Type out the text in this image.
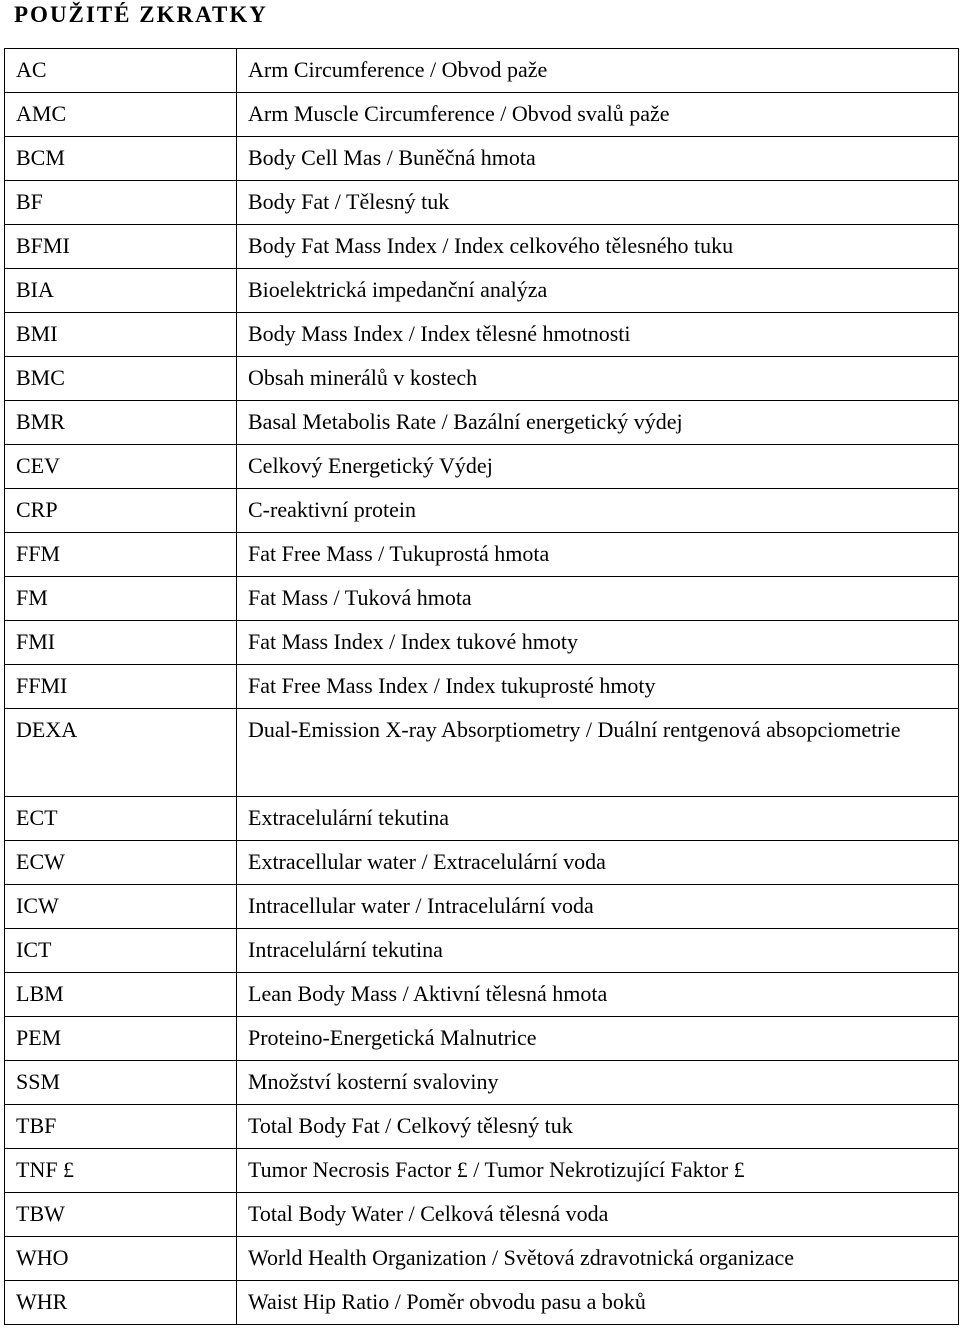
POUŽITÉ ZKRATKY
AC	Arm Circumference / Obvod paže
AMC	Arm Muscle Circumference / Obvod svalů paže
BCM	Body Cell Mas / Buněčná hmota
BF	Body Fat / Tělesný tuk
BFMI	Body Fat Mass Index / Index celkového tělesného tuku
BIA	Bioelektrická impedanční analýza
BMI	Body Mass Index / Index tělesné hmotnosti
BMC	Obsah minerálů v kostech
BMR	Basal Metabolis Rate / Bazální energetický výdej
CEV	Celkový Energetický Výdej
CRP	C-reaktivní protein
FFM	Fat Free Mass / Tukuprostá hmota
FM	Fat Mass / Tuková hmota
FMI	Fat Mass Index / Index tukové hmoty
FFMI	Fat Free Mass Index / Index tukuprosté hmoty
DEXA	Dual-Emission X-ray Absorptiometry / Duální rentgenová absopciometrie
ECT	Extracelulární tekutina
ECW	Extracellular water / Extracelulární voda
ICW	Intracellular water / Intracelulární voda
ICT	Intracelulární tekutina
LBM	Lean Body Mass / Aktivní tělesná hmota
PEM	Proteino-Energetická Malnutrice
SSM	Množství kosterní svaloviny
TBF	Total Body Fat / Celkový tělesný tuk
TNF £	Tumor Necrosis Factor £ / Tumor Nekrotizující Faktor £
TBW	Total Body Water / Celková tělesná voda
WHO	World Health Organization / Světová zdravotnická organizace
WHR	Waist Hip Ratio / Poměr obvodu pasu a boků
